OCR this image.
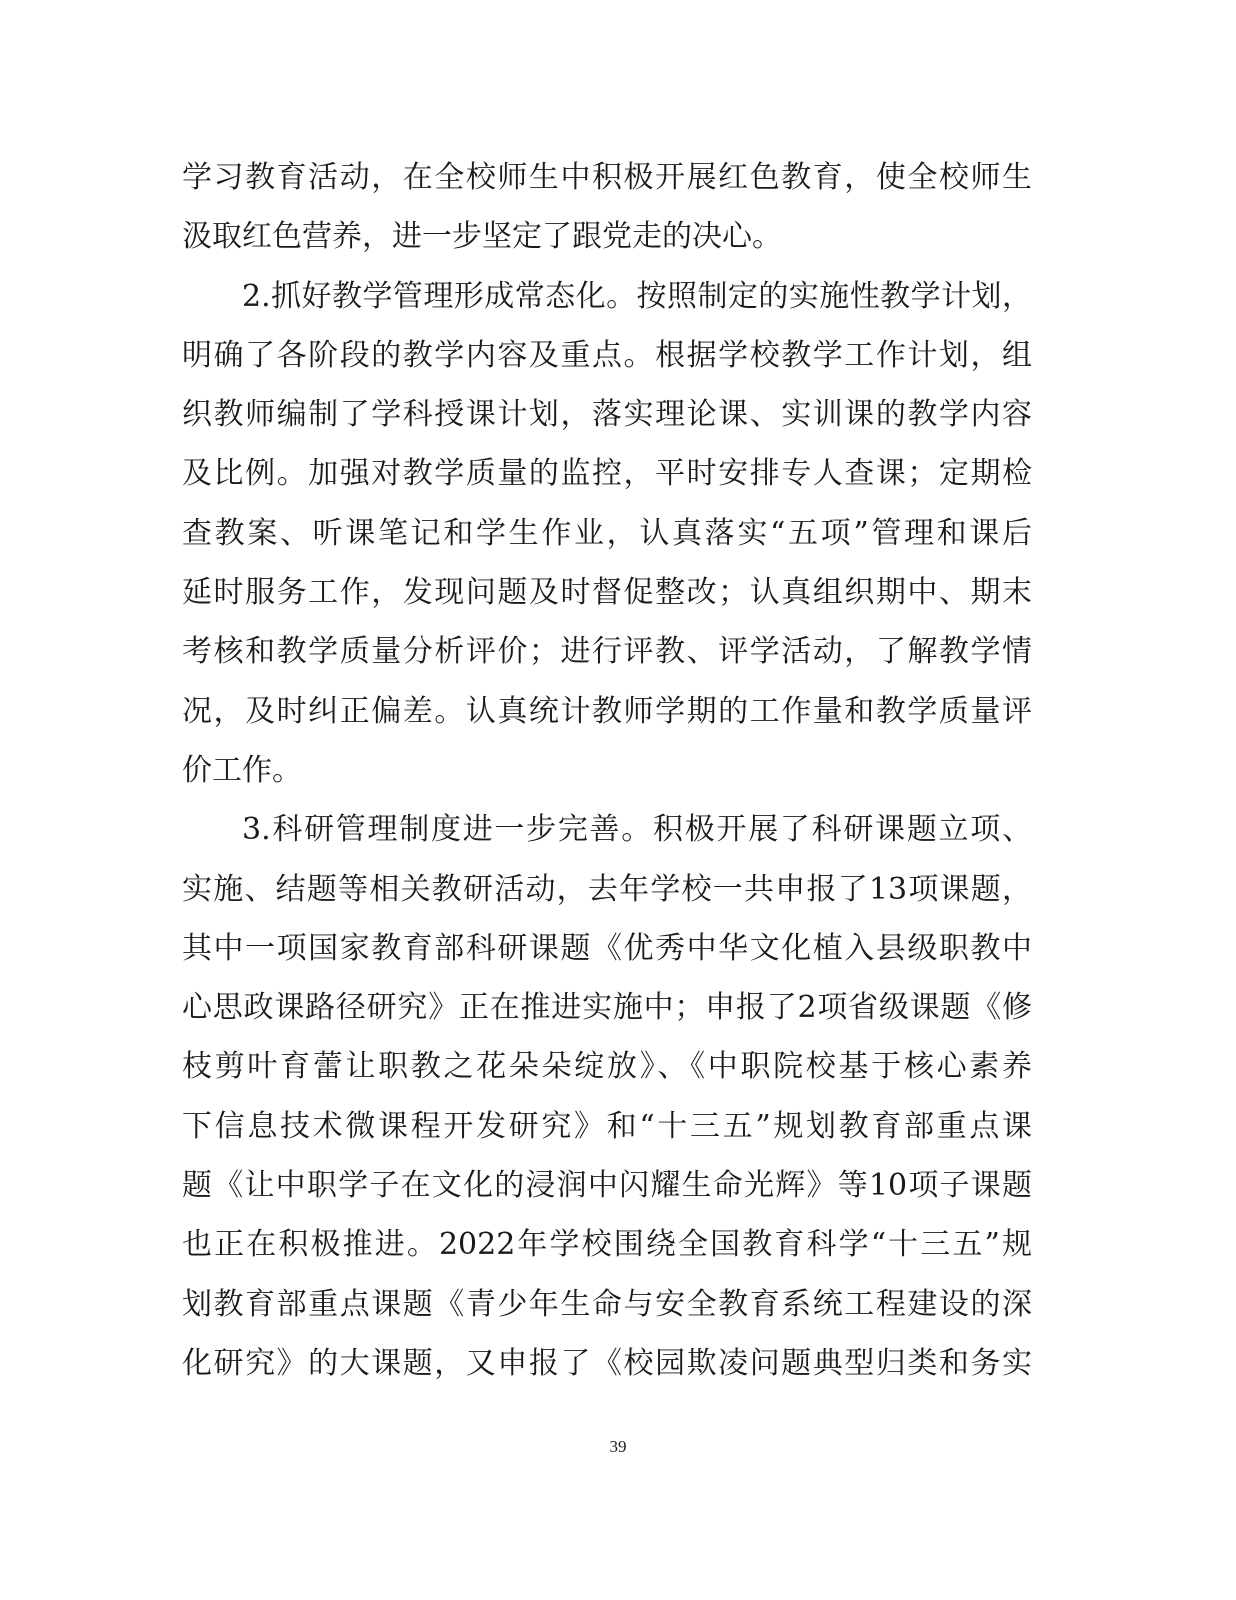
学习教育活动，在全校师生中积极开展红色教育，使全校师生
汲取红色营养，进一步坚定了跟党走的决心。
2.抓好教学管理形成常态化。按照制定的实施性教学计划，
明确了各阶段的教学内容及重点。根据学校教学工作计划，组
织教师编制了学科授课计划，落实理论课、实训课的教学内容
及比例。加强对教学质量的监控，平时安排专人查课；定期检
查教案、听课笔记和学生作业，认真落实“五项”管理和课后
延时服务工作，发现问题及时督促整改；认真组织期中、期末
考核和教学质量分析评价；进行评教、评学活动，了解教学情
况，及时纠正偏差。认真统计教师学期的工作量和教学质量评
价工作。
3.科研管理制度进一步完善。积极开展了科研课题立项、
实施、结题等相关教研活动，去年学校一共申报了13项课题，
其中一项国家教育部科研课题《优秀中华文化植入县级职教中
心思政课路径研究》正在推进实施中；申报了2项省级课题《修
枝剪叶育蕾让职教之花朵朵绽放》、《中职院校基于核心素养
下信息技术微课程开发研究》和“十三五”规划教育部重点课
题《让中职学子在文化的浸润中闪耀生命光辉》等10项子课题
也正在积极推进。2022年学校围绕全国教育科学“十三五”规
划教育部重点课题《青少年生命与安全教育系统工程建设的深
化研究》的大课题，又申报了《校园欺凌问题典型归类和务实
39
